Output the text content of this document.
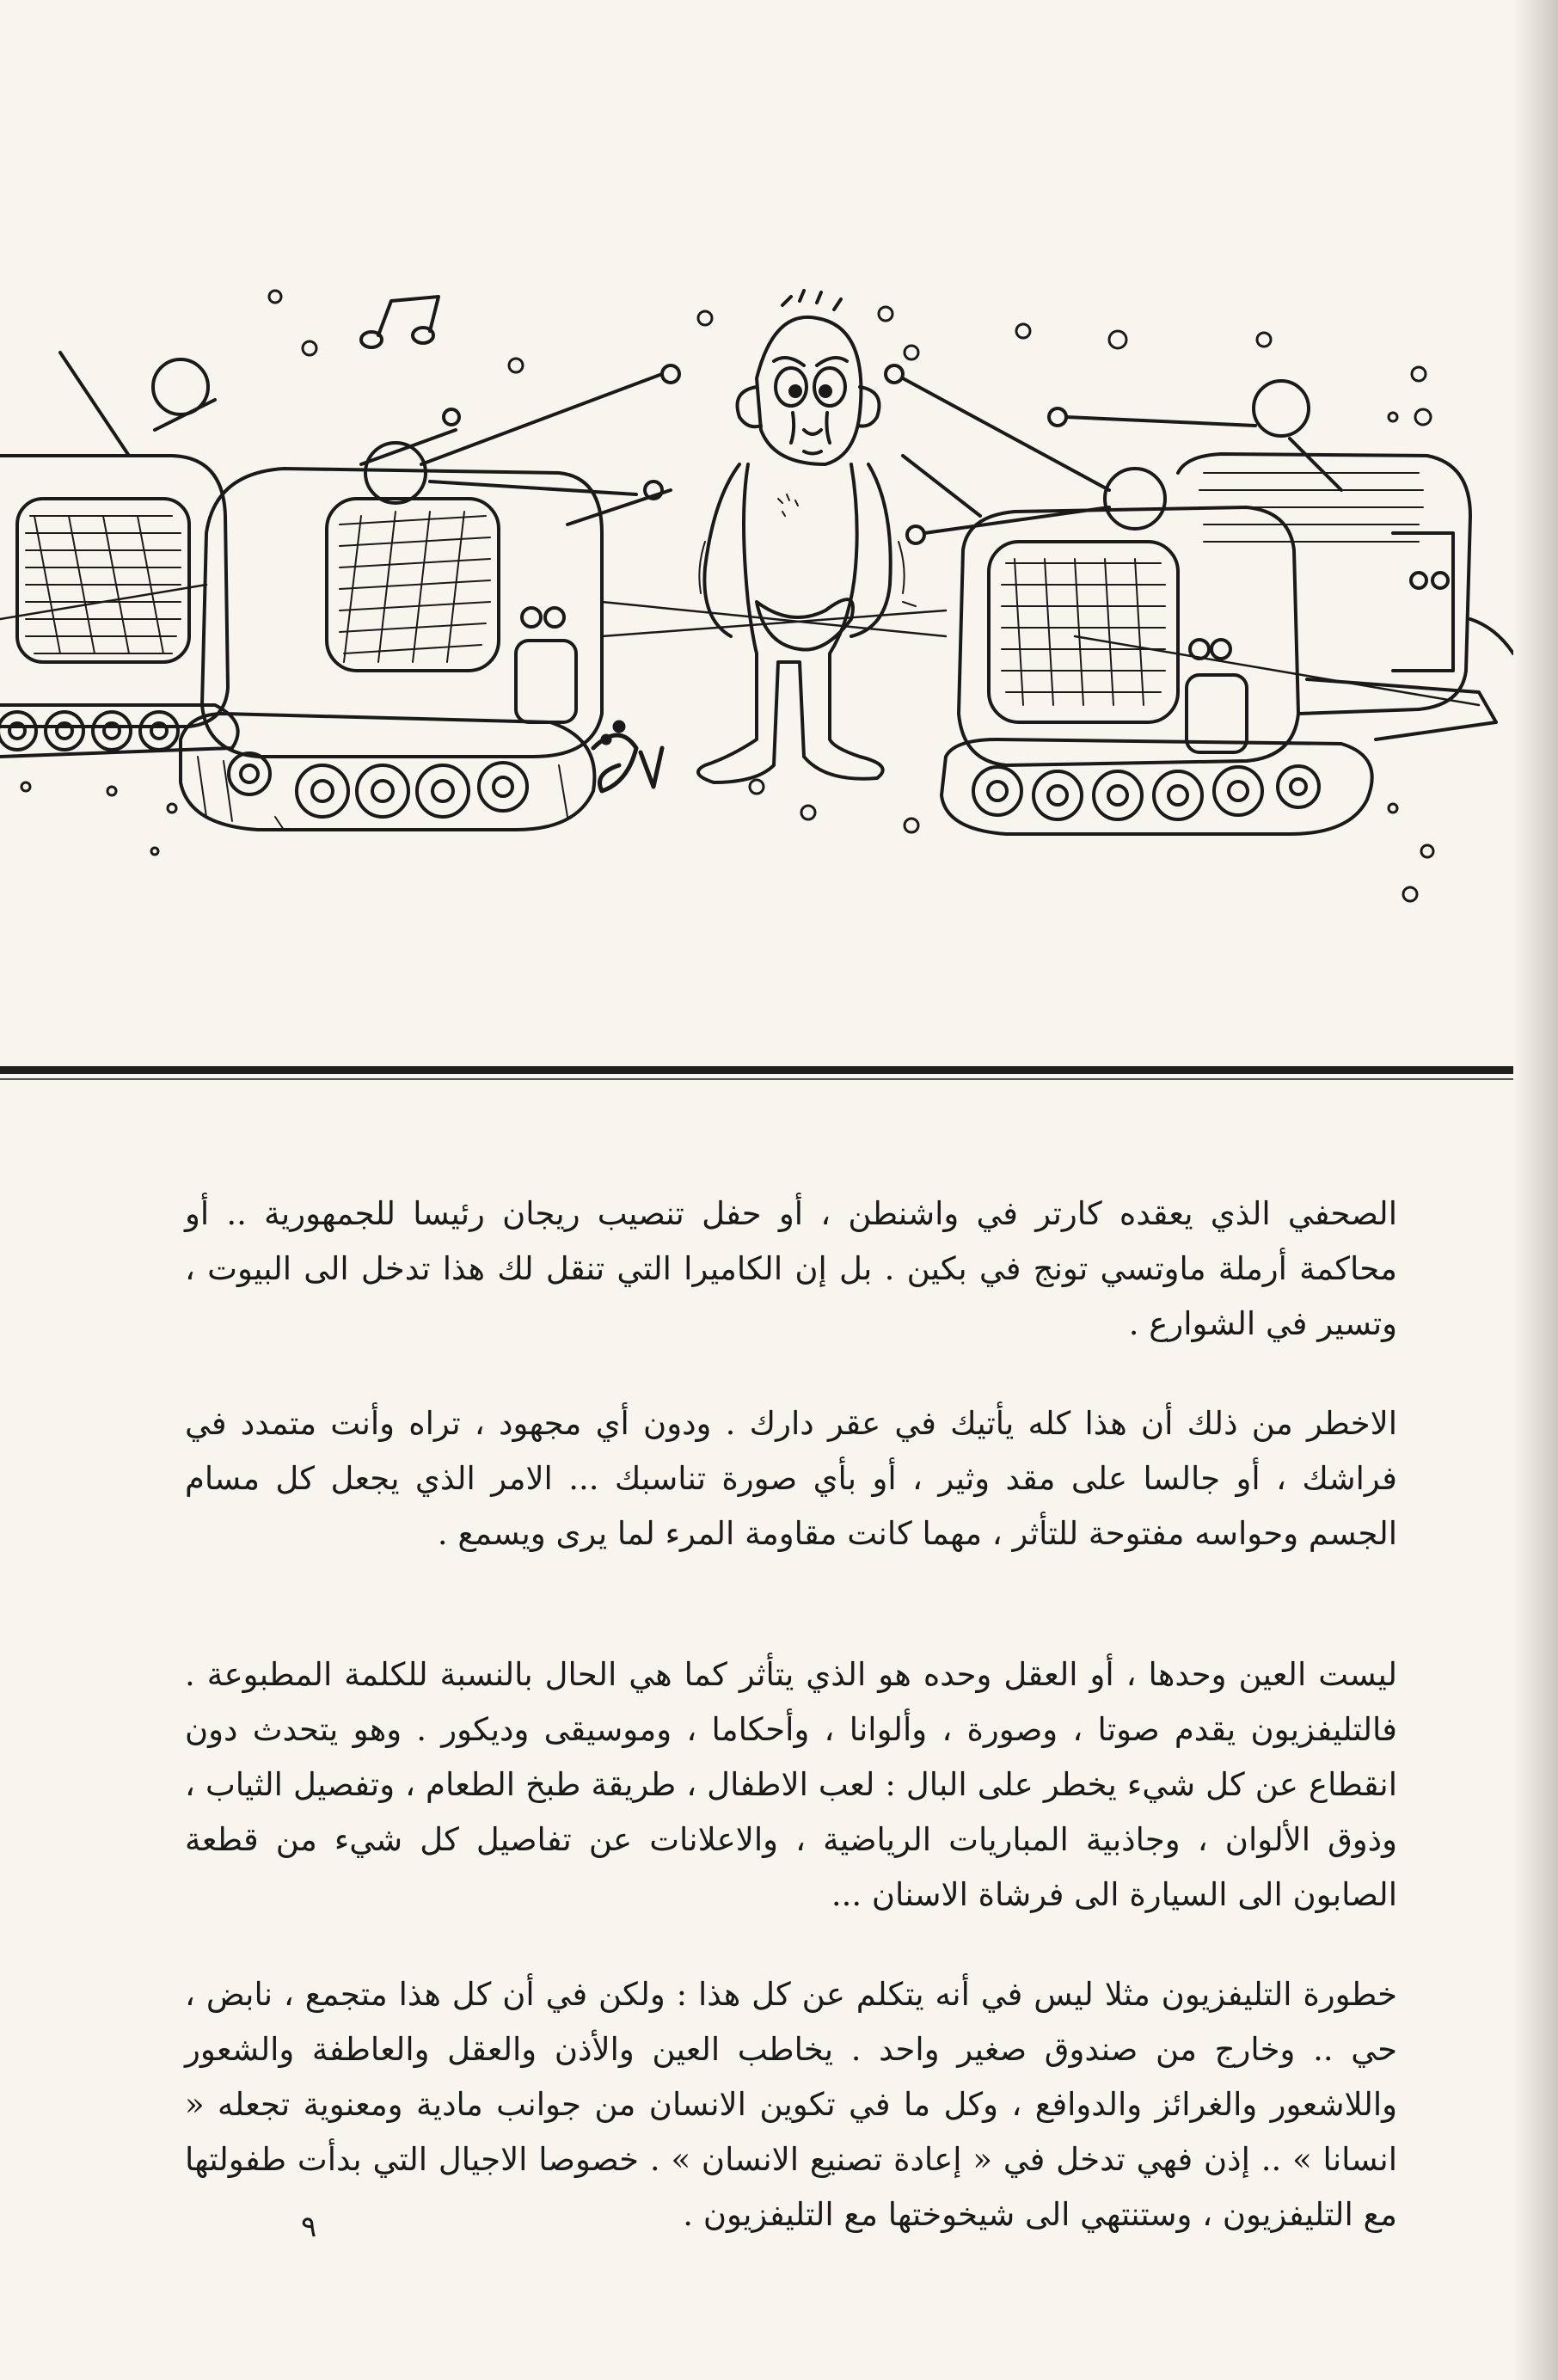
الصحفي الذي يعقده كارتر في واشنطن ، أو حفل تنصيب ريجان رئيسا للجمهورية .. أو محاكمة أرملة ماوتسي تونج في بكين . بل إن الكاميرا التي تنقل لك هذا تدخل الى البيوت ، وتسير في الشوارع .

الاخطر من ذلك أن هذا كله يأتيك في عقر دارك . ودون أي مجهود ، تراه وأنت متمدد في فراشك ، أو جالسا على مقد وثير ، أو بأي صورة تناسبك ... الامر الذي يجعل كل مسام الجسم وحواسه مفتوحة للتأثر ، مهما كانت مقاومة المرء لما يرى ويسمع .

ليست العين وحدها ، أو العقل وحده هو الذي يتأثر كما هي الحال بالنسبة للكلمة المطبوعة . فالتليفزيون يقدم صوتا ، وصورة ، وألوانا ، وأحكاما ، وموسيقى وديكور . وهو يتحدث دون انقطاع عن كل شيء يخطر على البال : لعب الاطفال ، طريقة طبخ الطعام ، وتفصيل الثياب ، وذوق الألوان ، وجاذبية المباريات الرياضية ، والاعلانات عن تفاصيل كل شيء من قطعة الصابون الى السيارة الى فرشاة الاسنان ...

خطورة التليفزيون مثلا ليس في أنه يتكلم عن كل هذا : ولكن في أن كل هذا متجمع ، نابض ، حي .. وخارج من صندوق صغير واحد . يخاطب العين والأذن والعقل والعاطفة والشعور واللاشعور والغرائز والدوافع ، وكل ما في تكوين الانسان من جوانب مادية ومعنوية تجعله « انسانا » .. إذن فهي تدخل في « إعادة تصنيع الانسان » . خصوصا الاجيال التي بدأت طفولتها مع التليفزيون ، وستنتهي الى شيخوختها مع التليفزيون .

٩
